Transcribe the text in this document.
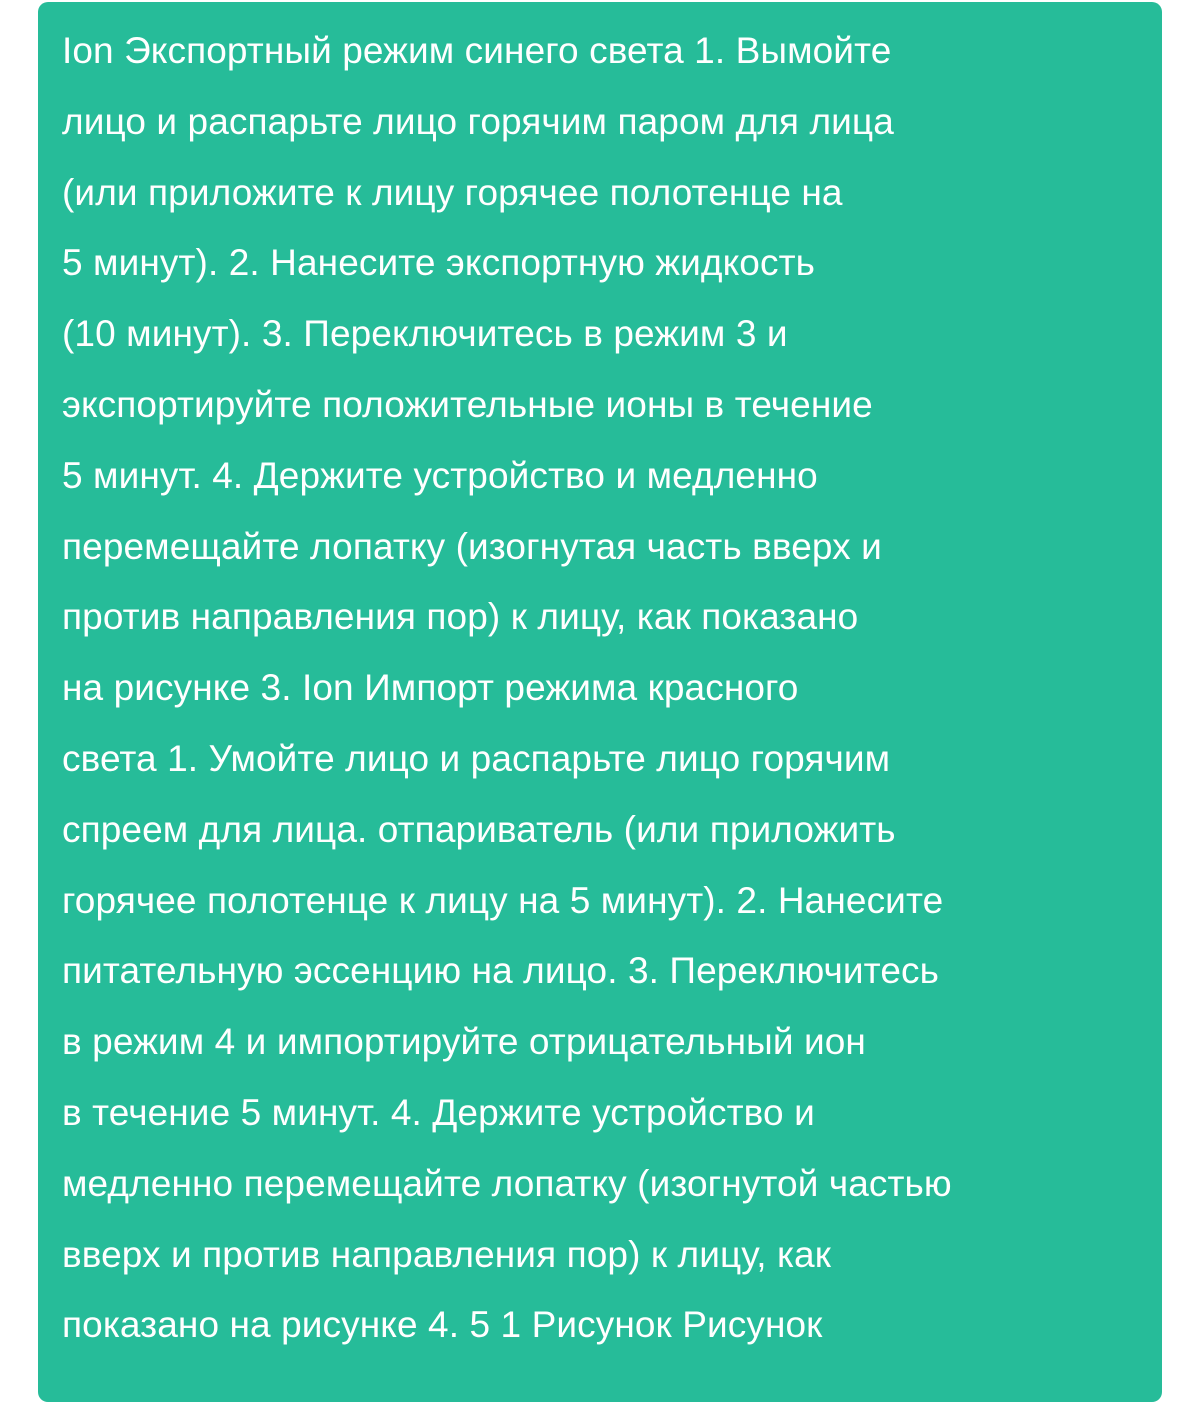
Ion Экспортный режим синего света 1. Вымойте
лицо и распарьте лицо горячим паром для лица
(или приложите к лицу горячее полотенце на
5 минут). 2. Нанесите экспортную жидкость
(10 минут). 3. Переключитесь в режим 3 и
экспортируйте положительные ионы в течение
5 минут. 4. Держите устройство и медленно
перемещайте лопатку (изогнутая часть вверх и
против направления пор) к лицу, как показано
на рисунке 3. Ion Импорт режима красного
света 1. Умойте лицо и распарьте лицо горячим
спреем для лица. отпариватель (или приложить
горячее полотенце к лицу на 5 минут). 2. Нанесите
питательную эссенцию на лицо. 3. Переключитесь
в режим 4 и импортируйте отрицательный ион
в течение 5 минут. 4. Держите устройство и
медленно перемещайте лопатку (изогнутой частью
вверх и против направления пор) к лицу, как
показано на рисунке 4. 5 1 Рисунок Рисунок
